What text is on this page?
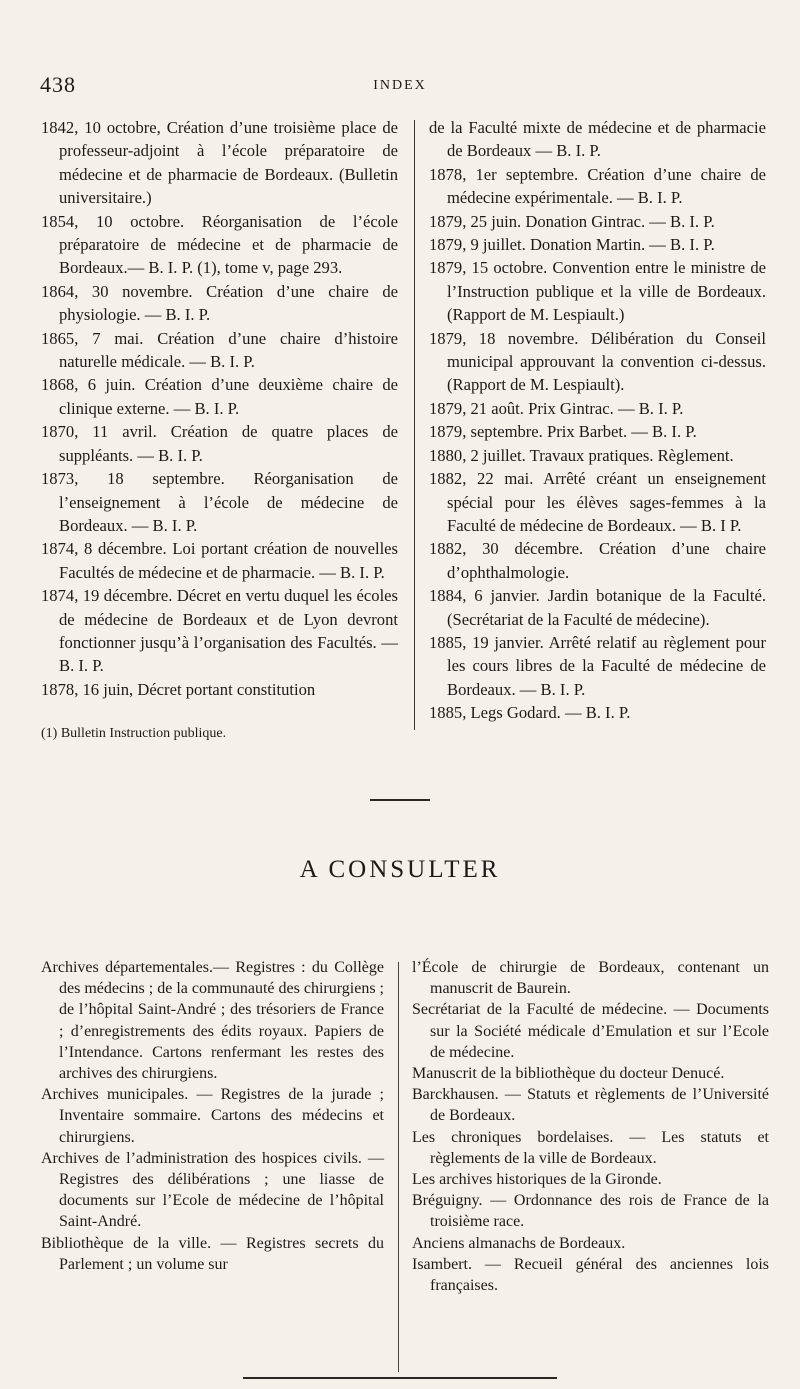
438	INDEX

1842, 10 octobre, Création d’une troisième place de professeur-adjoint à l’école préparatoire de médecine et de pharmacie de Bordeaux. (Bulletin universitaire.)

1854, 10 octobre. Réorganisation de l’école préparatoire de médecine et de pharmacie de Bordeaux.— B. I. P. (1), tome v, page 293.

1864, 30 novembre. Création d’une chaire de physiologie. — B. I. P.

1865, 7 mai. Création d’une chaire d’histoire naturelle médicale. — B. I. P.

1868, 6 juin. Création d’une deuxième chaire de clinique externe. — B. I. P.

1870, 11 avril. Création de quatre places de suppléants. — B. I. P.

1873, 18 septembre. Réorganisation de l’enseignement à l’école de médecine de Bordeaux. — B. I. P.

1874, 8 décembre. Loi portant création de nouvelles Facultés de médecine et de pharmacie. — B. I. P.

1874, 19 décembre. Décret en vertu duquel les écoles de médecine de Bordeaux et de Lyon devront fonctionner jusqu’à l’organisation des Facultés. — B. I. P.

1878, 16 juin, Décret portant constitution

(1) Bulletin Instruction publique.

de la Faculté mixte de médecine et de pharmacie de Bordeaux — B. I. P.

1878, 1er septembre. Création d’une chaire de médecine expérimentale. — B. I. P.

1879, 25 juin. Donation Gintrac. — B. I. P.

1879, 9 juillet. Donation Martin. — B. I. P.

1879, 15 octobre. Convention entre le ministre de l’Instruction publique et la ville de Bordeaux. (Rapport de M. Lespiault.)

1879, 18 novembre. Délibération du Conseil municipal approuvant la convention ci-dessus. (Rapport de M. Lespiault).

1879, 21 août. Prix Gintrac. — B. I. P.

1879, septembre. Prix Barbet. — B. I. P.

1880, 2 juillet. Travaux pratiques. Règlement.

1882, 22 mai. Arrêté créant un enseignement spécial pour les élèves sages-femmes à la Faculté de médecine de Bordeaux. — B. I P.

1882, 30 décembre. Création d’une chaire d’ophthalmologie.

1884, 6 janvier. Jardin botanique de la Faculté. (Secrétariat de la Faculté de médecine).

1885, 19 janvier. Arrêté relatif au règlement pour les cours libres de la Faculté de médecine de Bordeaux. — B. I. P.

1885, Legs Godard. — B. I. P.

A CONSULTER

Archives départementales.— Registres : du Collège des médecins ; de la communauté des chirurgiens ; de l’hôpital Saint-André ; des trésoriers de France ; d’enregistrements des édits royaux. Papiers de l’Intendance. Cartons renfermant les restes des archives des chirurgiens.

Archives municipales. — Registres de la jurade ; Inventaire sommaire. Cartons des médecins et chirurgiens.

Archives de l’administration des hospices civils. — Registres des délibérations ; une liasse de documents sur l’Ecole de médecine de l’hôpital Saint-André.

Bibliothèque de la ville. — Registres secrets du Parlement ; un volume sur

l’École de chirurgie de Bordeaux, contenant un manuscrit de Baurein.

Secrétariat de la Faculté de médecine. — Documents sur la Société médicale d’Emulation et sur l’Ecole de médecine.

Manuscrit de la bibliothèque du docteur Denucé.

Barckhausen. — Statuts et règlements de l’Université de Bordeaux.

Les chroniques bordelaises. — Les statuts et règlements de la ville de Bordeaux.

Les archives historiques de la Gironde.

Bréguigny. — Ordonnance des rois de France de la troisième race.

Anciens almanachs de Bordeaux.

Isambert. — Recueil général des anciennes lois françaises.
